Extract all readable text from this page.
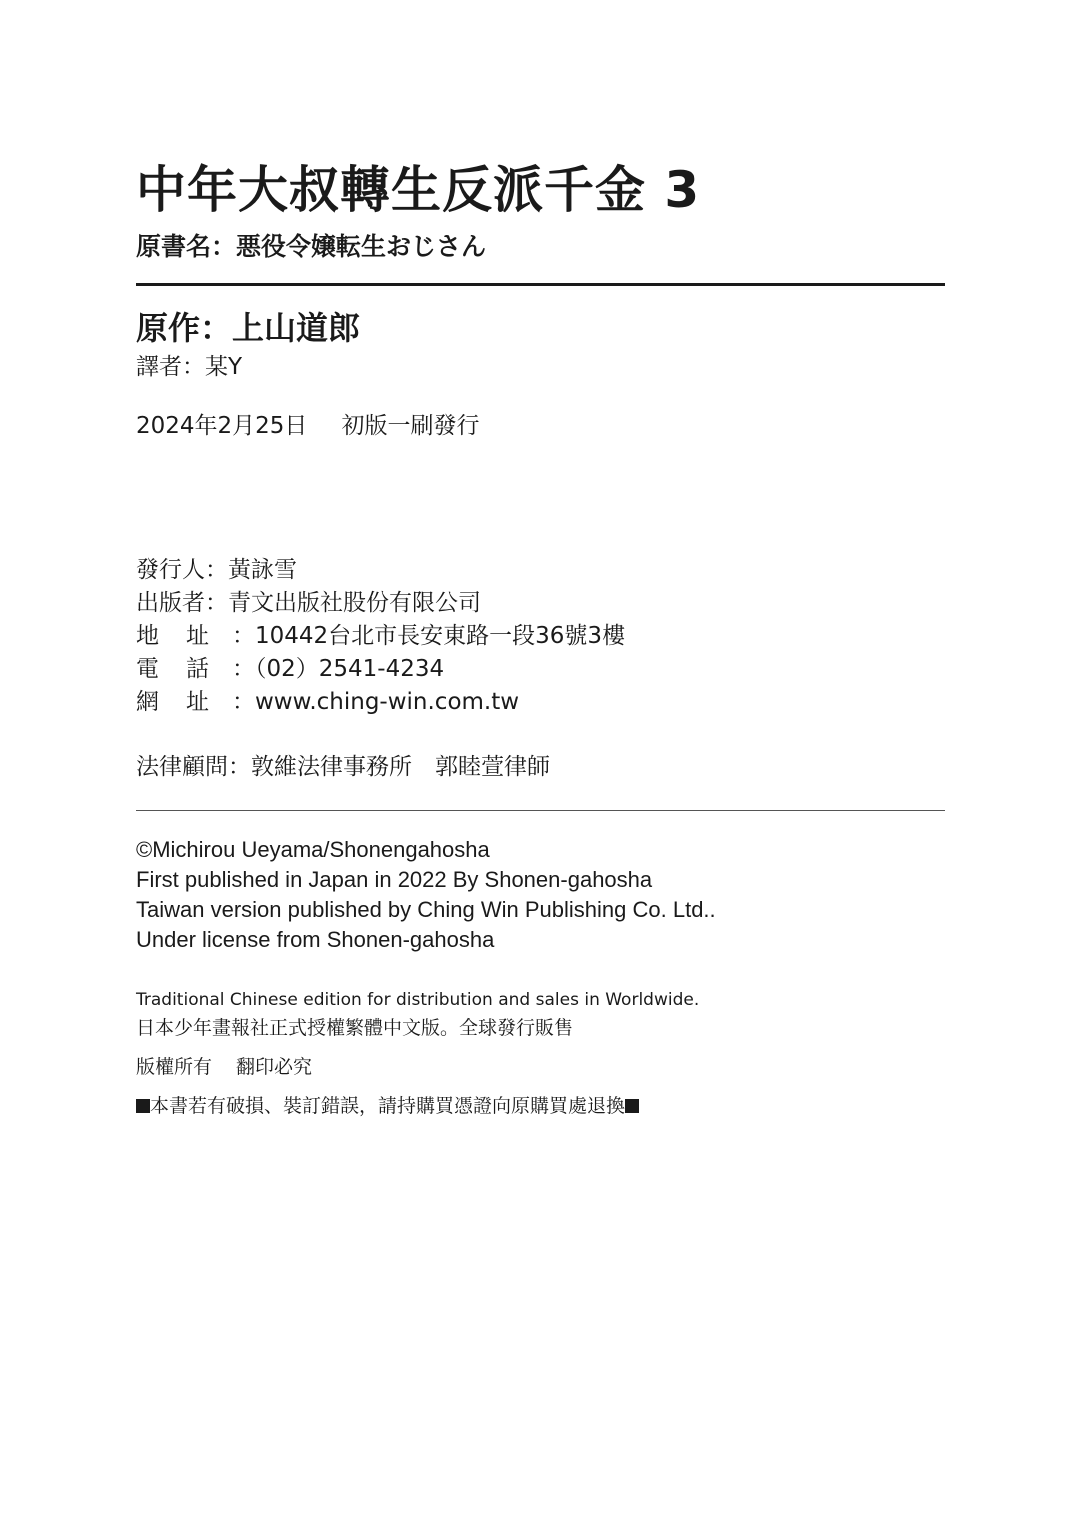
中年大叔轉生反派千金 3
原書名：悪役令嬢転生おじさん
原作：上山道郎
譯者：某Y
2024年2月25日 初版一刷發行
發行人：黃詠雪
出版者：青文出版社股份有限公司
地 址 ：10442台北市長安東路一段36號3樓
電 話 ：（02）2541-4234
網 址 ：www.ching-win.com.tw
法律顧問：敦維法律事務所　郭睦萱律師
©Michirou Ueyama/Shonengahosha
First published in Japan in 2022 By Shonen-gahosha
Taiwan version published by Ching Win Publishing Co. Ltd..
Under license from Shonen-gahosha
Traditional Chinese edition for distribution and sales in Worldwide.
日本少年畫報社正式授權繁體中文版。全球發行販售
版權所有 翻印必究
本書若有破損、裝訂錯誤，請持購買憑證向原購買處退換
